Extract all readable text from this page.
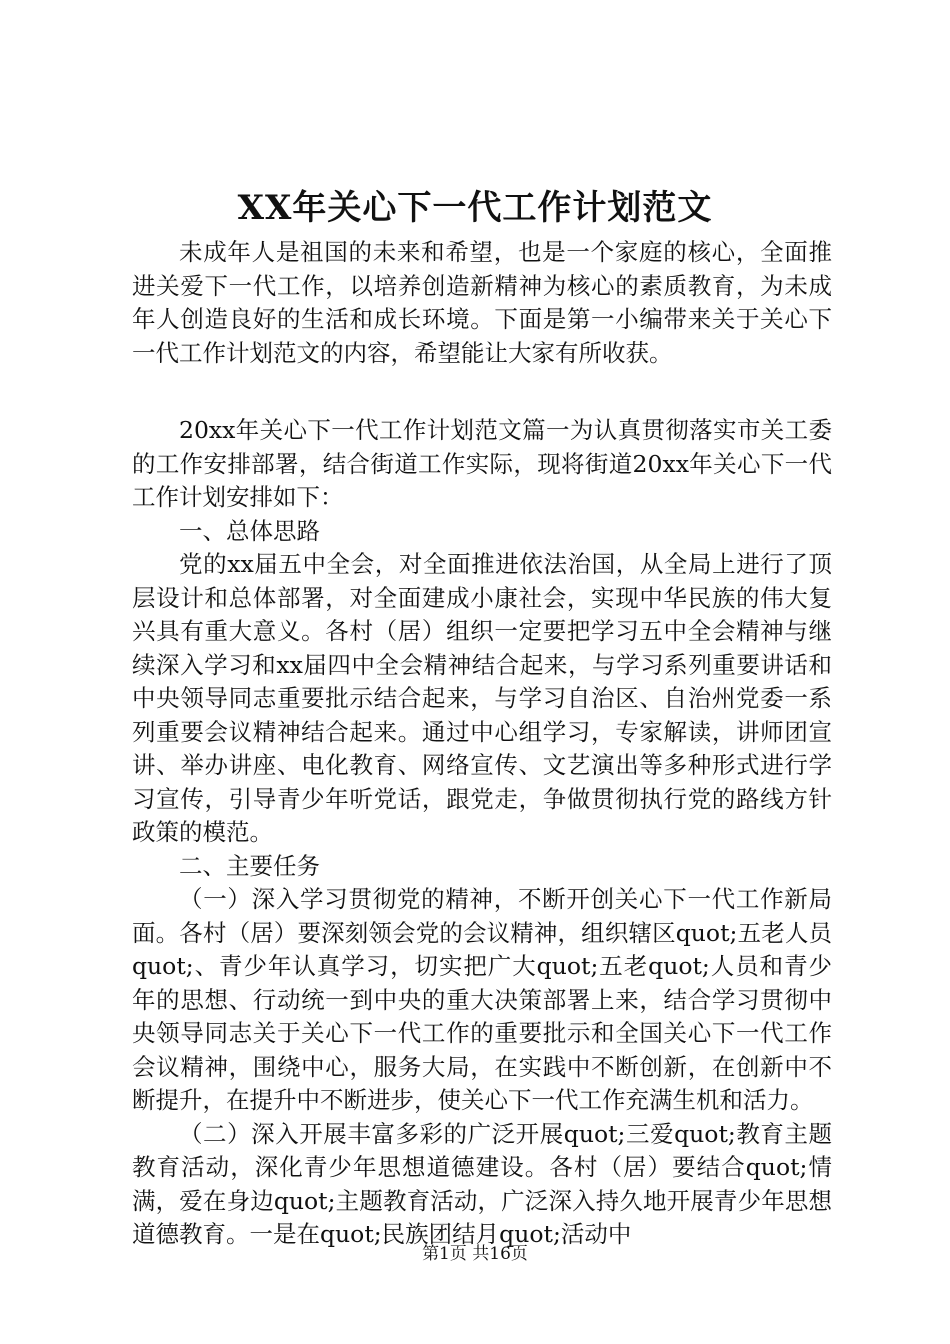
XX年关心下一代工作计划范文

未成年人是祖国的未来和希望，也是一个家庭的核心，全面推进关爱下一代工作，以培养创造新精神为核心的素质教育，为未成年人创造良好的生活和成长环境。下面是第一小编带来关于关心下一代工作计划范文的内容，希望能让大家有所收获。

20xx年关心下一代工作计划范文篇一为认真贯彻落实市关工委的工作安排部署，结合街道工作实际，现将街道20xx年关心下一代工作计划安排如下：

一、总体思路

党的xx届五中全会，对全面推进依法治国，从全局上进行了顶层设计和总体部署，对全面建成小康社会，实现中华民族的伟大复兴具有重大意义。各村（居）组织一定要把学习五中全会精神与继续深入学习和xx届四中全会精神结合起来，与学习系列重要讲话和中央领导同志重要批示结合起来，与学习自治区、自治州党委一系列重要会议精神结合起来。通过中心组学习，专家解读，讲师团宣讲、举办讲座、电化教育、网络宣传、文艺演出等多种形式进行学习宣传，引导青少年听党话，跟党走，争做贯彻执行党的路线方针政策的模范。

二、主要任务

（一）深入学习贯彻党的精神，不断开创关心下一代工作新局面。各村（居）要深刻领会党的会议精神，组织辖区quot;五老人员quot;、青少年认真学习，切实把广大quot;五老quot;人员和青少年的思想、行动统一到中央的重大决策部署上来，结合学习贯彻中央领导同志关于关心下一代工作的重要批示和全国关心下一代工作会议精神，围绕中心，服务大局，在实践中不断创新，在创新中不断提升，在提升中不断进步，使关心下一代工作充满生机和活力。

（二）深入开展丰富多彩的广泛开展quot;三爱quot;教育主题教育活动，深化青少年思想道德建设。各村（居）要结合quot;情满，爱在身边quot;主题教育活动，广泛深入持久地开展青少年思想道德教育。一是在quot;民族团结月quot;活动中

第1页 共16页
